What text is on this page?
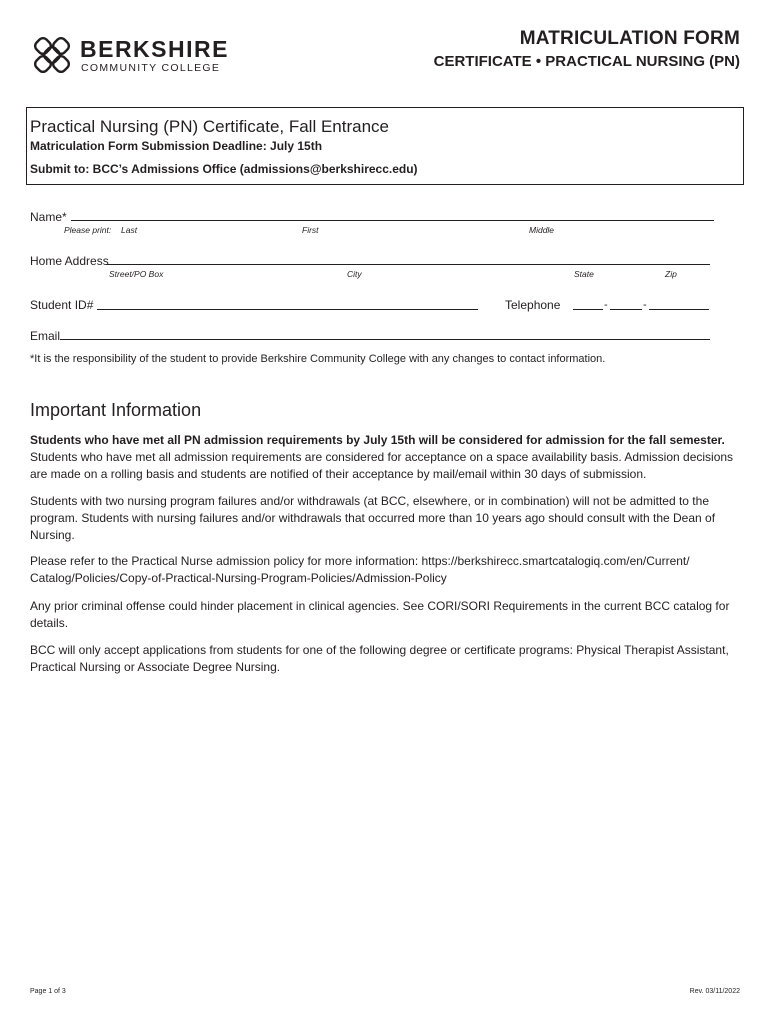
BERKSHIRE
COMMUNITY COLLEGE
MATRICULATION FORM
CERTIFICATE • PRACTICAL NURSING (PN)
Practical Nursing (PN) Certificate, Fall Entrance
Matriculation Form Submission Deadline: July 15th
Submit to: BCC’s Admissions Office (admissions@berkshirecc.edu)
Name*
Please print: Last	First	Middle
Home Address
Street/PO Box	City	State	Zip
Student ID#	Telephone	-	-
Email
*It is the responsibility of the student to provide Berkshire Community College with any changes to contact information.
Important Information

Students who have met all PN admission requirements by July 15th will be considered for admission for the fall semester. Students who have met all admission requirements are considered for acceptance on a space availability basis. Admission decisions are made on a rolling basis and students are notified of their acceptance by mail/email within 30 days of submission.

Students with two nursing program failures and/or withdrawals (at BCC, elsewhere, or in combination) will not be admitted to the program. Students with nursing failures and/or withdrawals that occurred more than 10 years ago should consult with the Dean of Nursing.

Please refer to the Practical Nurse admission policy for more information: https://berkshirecc.smartcatalogiq.com/en/Current/ Catalog/Policies/Copy-of-Practical-Nursing-Program-Policies/Admission-Policy

Any prior criminal offense could hinder placement in clinical agencies. See CORI/SORI Requirements in the current BCC catalog for details.

BCC will only accept applications from students for one of the following degree or certificate programs: Physical Therapist Assistant, Practical Nursing or Associate Degree Nursing.

Page 1 of 3	Rev. 03/11/2022
